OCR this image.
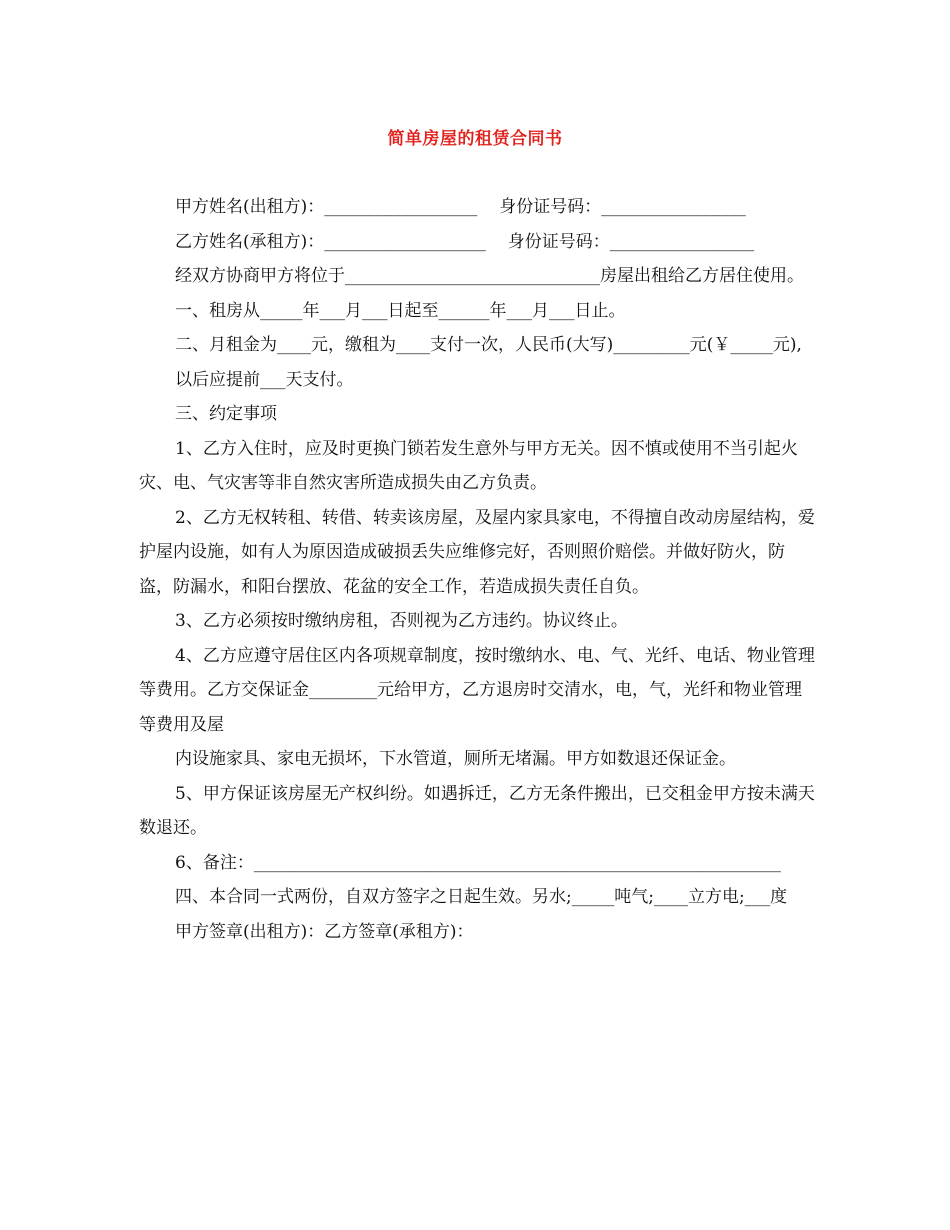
简单房屋的租赁合同书
甲方姓名(出租方)：__________________ 身份证号码：_________________
乙方姓名(承租方)：___________________ 身份证号码：_________________

经双方协商甲方将位于______________________________房屋出租给乙方居住使用。

一、租房从_____年___月___日起至______年___月___日止。

二、月租金为____元，缴租为____支付一次，人民币(大写)_________元(￥_____元),

以后应提前___天支付。

三、约定事项

1、乙方入住时，应及时更换门锁若发生意外与甲方无关。因不慎或使用不当引起火灾、电、气灾害等非自然灾害所造成损失由乙方负责。

2、乙方无权转租、转借、转卖该房屋，及屋内家具家电，不得擅自改动房屋结构，爱护屋内设施，如有人为原因造成破损丢失应维修完好，否则照价赔偿。并做好防火，防盗，防漏水，和阳台摆放、花盆的安全工作，若造成损失责任自负。

3、乙方必须按时缴纳房租，否则视为乙方违约。协议终止。

4、乙方应遵守居住区内各项规章制度，按时缴纳水、电、气、光纤、电话、物业管理等费用。乙方交保证金________元给甲方，乙方退房时交清水，电，气，光纤和物业管理等费用及屋

内设施家具、家电无损坏，下水管道，厕所无堵漏。甲方如数退还保证金。

5、甲方保证该房屋无产权纠纷。如遇拆迁，乙方无条件搬出，已交租金甲方按未满天数退还。

6、备注：______________________________________________________________

四、本合同一式两份，自双方签字之日起生效。另水;_____吨气;____立方电;___度

甲方签章(出租方)：乙方签章(承租方)：
